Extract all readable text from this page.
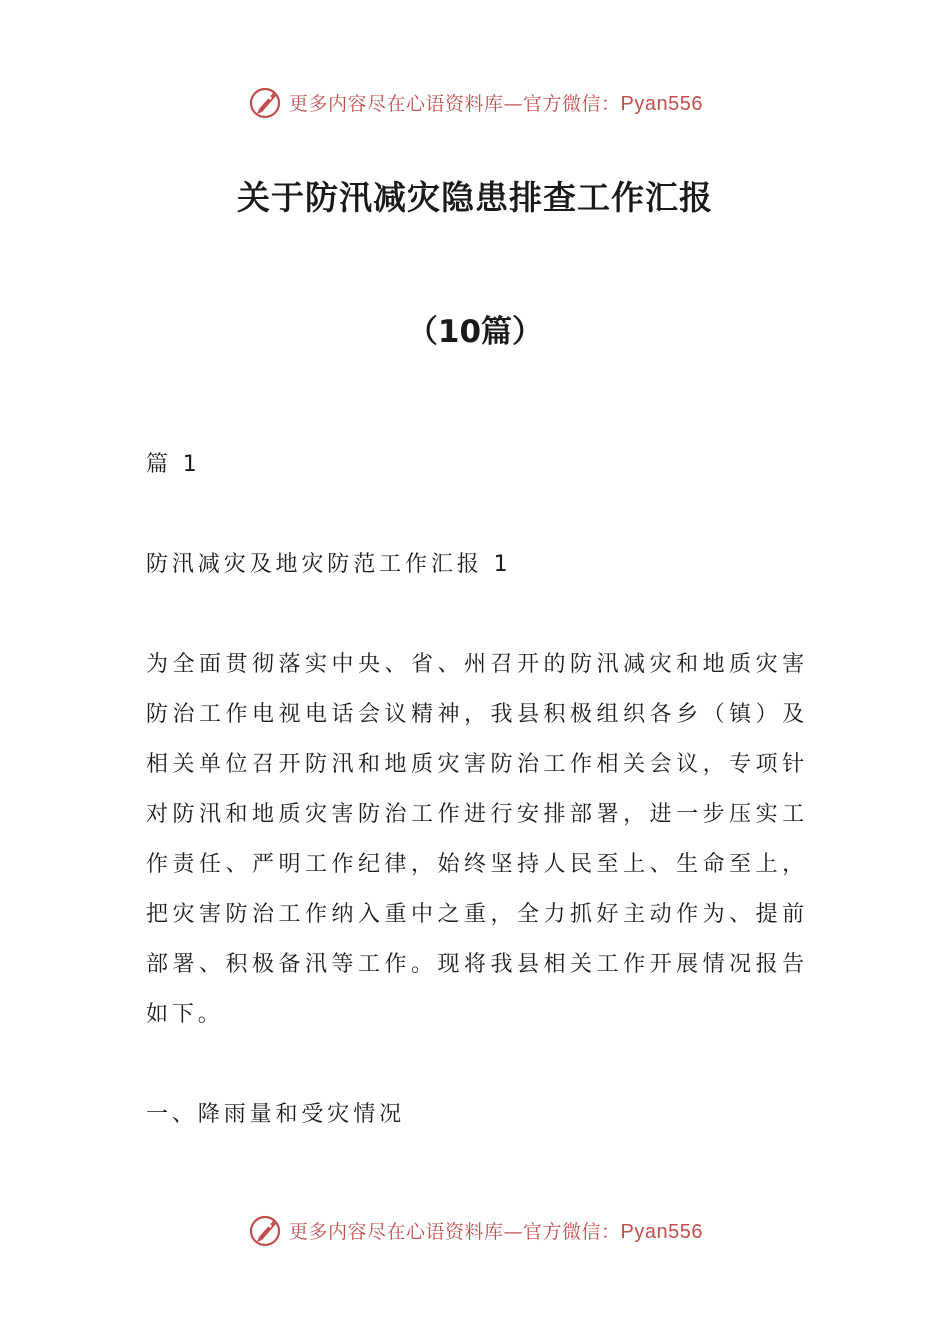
更多内容尽在心语资料库—官方微信：Pyan556
关于防汛减灾隐患排查工作汇报
（10篇）

篇 1

防汛减灾及地灾防范工作汇报 1

为全面贯彻落实中央、省、州召开的防汛减灾和地质灾害防治工作电视电话会议精神，我县积极组织各乡（镇）及相关单位召开防汛和地质灾害防治工作相关会议，专项针对防汛和地质灾害防治工作进行安排部署，进一步压实工作责任、严明工作纪律，始终坚持人民至上、生命至上，把灾害防治工作纳入重中之重，全力抓好主动作为、提前部署、积极备汛等工作。现将我县相关工作开展情况报告如下。

一、降雨量和受灾情况

更多内容尽在心语资料库—官方微信：Pyan556
